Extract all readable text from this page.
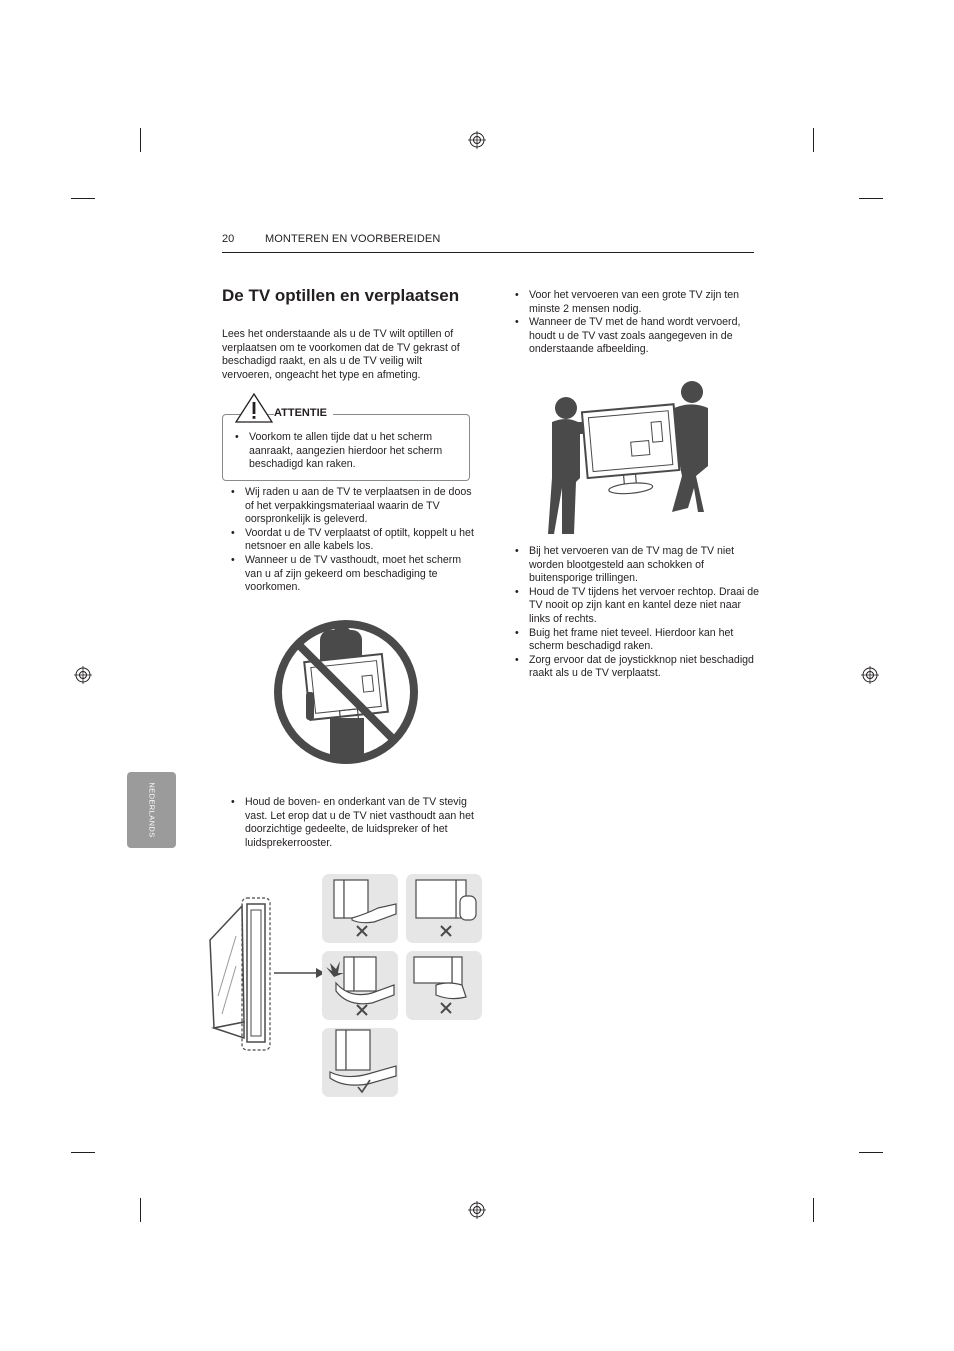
20	MONTEREN EN VOORBEREIDEN
De TV optillen en verplaatsen
Lees het onderstaande als u de TV wilt optillen of verplaatsen om te voorkomen dat de TV gekrast of beschadigd raakt, en als u de TV veilig wilt vervoeren, ongeacht het type en afmeting.
• Voorkom te allen tijde dat u het scherm aanraakt, aangezien hierdoor het scherm beschadigd kan raken.
ATTENTIE
• Wij raden u aan de TV te verplaatsen in de doos of het verpakkingsmateriaal waarin de TV oorspronkelijk is geleverd.
• Voordat u de TV verplaatst of optilt, koppelt u het netsnoer en alle kabels los.
• Wanneer u de TV vasthoudt, moet het scherm van u af zijn gekeerd om beschadiging te voorkomen.
• Houd de boven- en onderkant van de TV stevig vast. Let erop dat u de TV niet vasthoudt aan het doorzichtige gedeelte, de luidspreker of het luidsprekerrooster.
NEDERLANDS
• Voor het vervoeren van een grote TV zijn ten minste 2 mensen nodig.
• Wanneer de TV met de hand wordt vervoerd, houdt u de TV vast zoals aangegeven in de onderstaande afbeelding.
• Bij het vervoeren van de TV mag de TV niet worden blootgesteld aan schokken of buitensporige trillingen.
• Houd de TV tijdens het vervoer rechtop. Draai de TV nooit op zijn kant en kantel deze niet naar links of rechts.
• Buig het frame niet teveel. Hierdoor kan het scherm beschadigd raken.
• Zorg ervoor dat de joystickknop niet beschadigd raakt als u de TV verplaatst.
